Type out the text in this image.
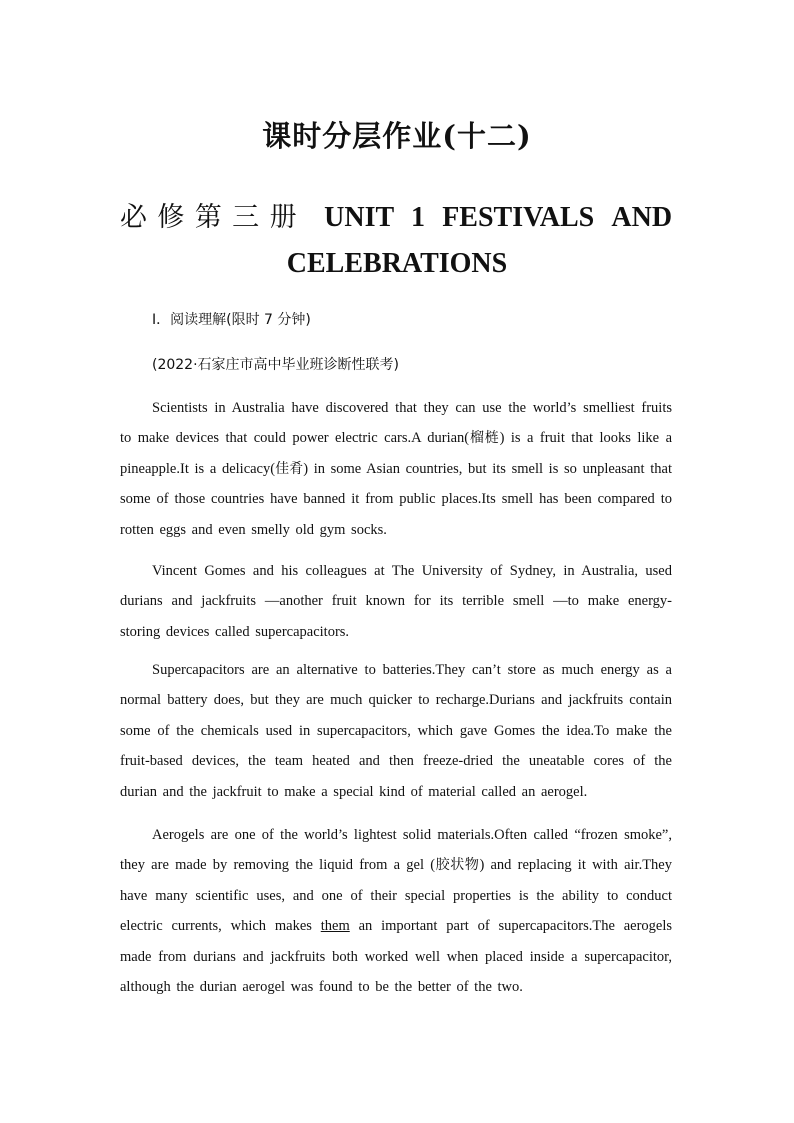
课时分层作业(十二)

必修第三册 UNIT 1 FESTIVALS AND

CELEBRATIONS

Ⅰ．阅读理解(限时 7 分钟)

(2022·石家庄市高中毕业班诊断性联考)

Scientists in Australia have discovered that they can use the world’s smelliest fruits to make devices that could power electric cars.A durian(榴梿) is a fruit that looks like a pineapple.It is a delicacy(佳肴) in some Asian countries, but its smell is so unpleasant that some of those countries have banned it from public places.Its smell has been compared to rotten eggs and even smelly old gym socks.

Vincent Gomes and his colleagues at The University of Sydney, in Australia, used durians and jackfruits —another fruit known for its terrible smell —to make energy-storing devices called supercapacitors.

Supercapacitors are an alternative to batteries.They can’t store as much energy as a normal battery does, but they are much quicker to recharge.Durians and jackfruits contain some of the chemicals used in supercapacitors, which gave Gomes the idea.To make the fruit-based devices, the team heated and then freeze-dried the uneatable cores of the durian and the jackfruit to make a special kind of material called an aerogel.

Aerogels are one of the world’s lightest solid materials.Often called “frozen smoke”, they are made by removing the liquid from a gel (胶状物) and replacing it with air.They have many scientific uses, and one of their special properties is the ability to conduct electric currents, which makes them an important part of supercapacitors.The aerogels made from durians and jackfruits both worked well when placed inside a supercapacitor, although the durian aerogel was found to be the better of the two.
